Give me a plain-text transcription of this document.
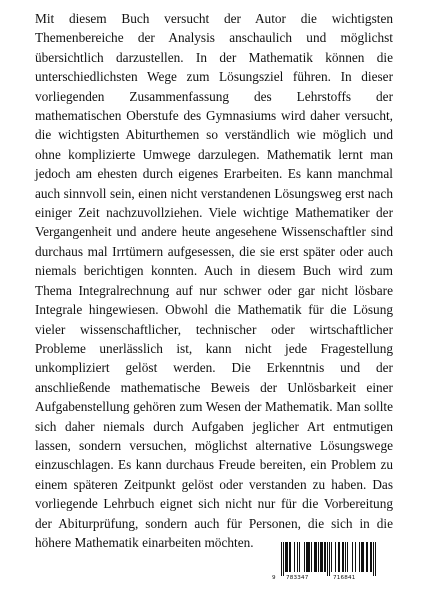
Mit diesem Buch versucht der Autor die wichtigsten Themenbereiche der Analysis anschaulich und möglichst übersichtlich darzustellen. In der Mathematik können die unterschiedlichsten Wege zum Lösungsziel führen. In dieser vorliegenden Zusammenfassung des Lehrstoffs der mathematischen Oberstufe des Gymnasiums wird daher versucht, die wichtigsten Abiturthemen so verständlich wie möglich und ohne komplizierte Umwege darzulegen. Mathematik lernt man jedoch am ehesten durch eigenes Erarbeiten. Es kann manchmal auch sinnvoll sein, einen nicht verstandenen Lösungsweg erst nach einiger Zeit nachzuvollziehen. Viele wichtige Mathematiker der Vergangenheit und andere heute angesehene Wissenschaftler sind durchaus mal Irrtümern aufgesessen, die sie erst später oder auch niemals berichtigen konnten. Auch in diesem Buch wird zum Thema Integralrechnung auf nur schwer oder gar nicht lösbare Integrale hingewiesen. Obwohl die Mathematik für die Lösung vieler wissenschaftlicher, technischer oder wirtschaftlicher Probleme unerlässlich ist, kann nicht jede Fragestellung unkompliziert gelöst werden. Die Erkenntnis und der anschließende mathematische Beweis der Unlösbarkeit einer Aufgabenstellung gehören zum Wesen der Mathematik. Man sollte sich daher niemals durch Aufgaben jeglicher Art entmutigen lassen, sondern versuchen, möglichst alternative Lösungswege einzuschlagen. Es kann durchaus Freude bereiten, ein Problem zu einem späteren Zeitpunkt gelöst oder verstanden zu haben. Das vorliegende Lehrbuch eignet sich nicht nur für die Vorbereitung der Abiturprüfung, sondern auch für Personen, die sich in die höhere Mathematik einarbeiten möchten.

9 783347	716841
